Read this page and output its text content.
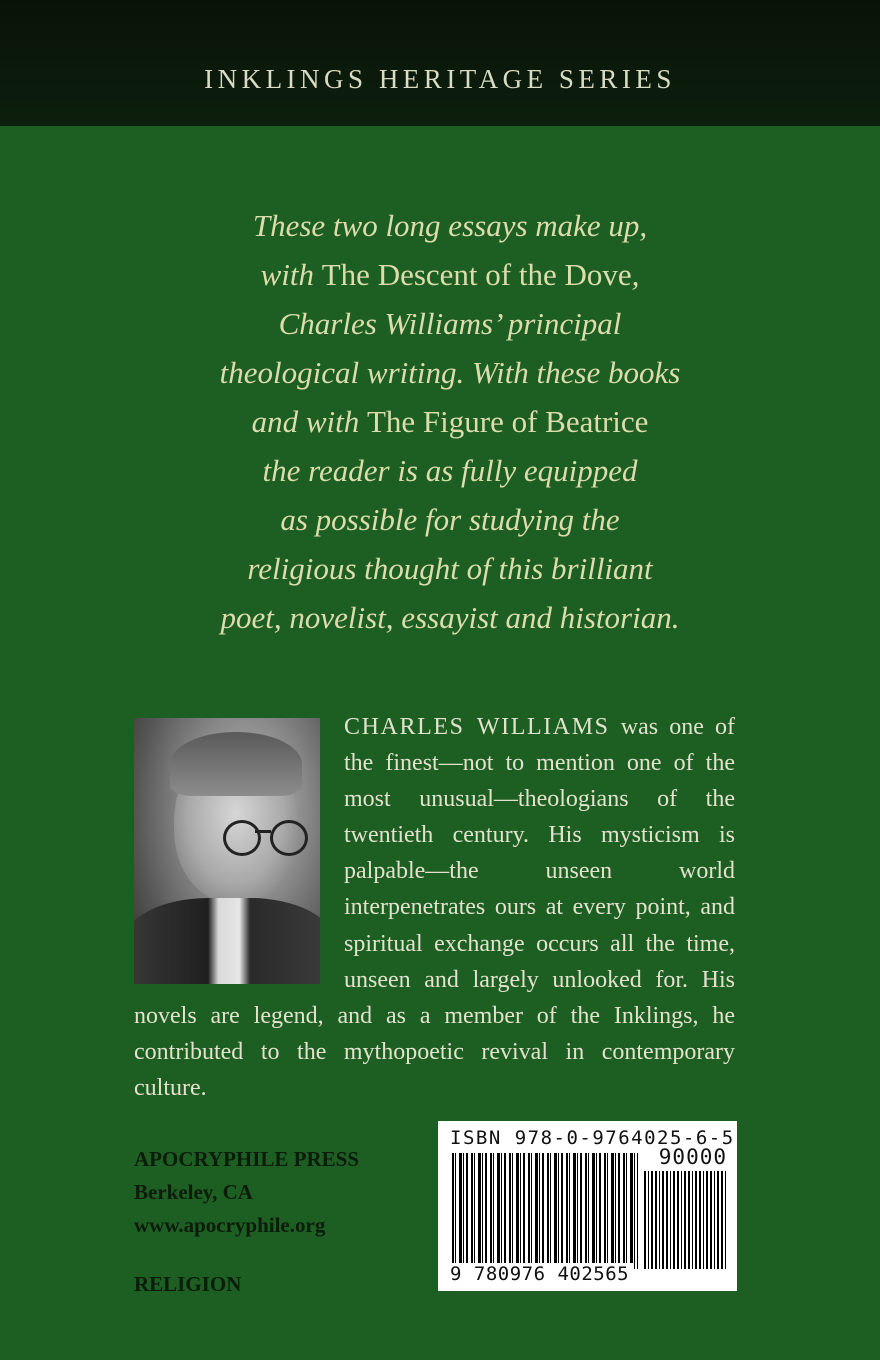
INKLINGS HERITAGE SERIES
These two long essays make up,
with The Descent of the Dove,
Charles Williams’ principal
theological writing. With these books
and with The Figure of Beatrice
the reader is as fully equipped
as possible for studying the
religious thought of this brilliant
poet, novelist, essayist and historian.
CHARLES WILLIAMS was one of the finest—not to mention one of the most unusual—theologians of the twentieth century. His mysticism is palpable—the unseen world interpenetrates ours at every point, and spiritual exchange occurs all the time, unseen and largely unlooked for. His novels are legend, and as a member of the Inklings, he contributed to the mythopoetic revival in contemporary culture.
APOCRYPHILE PRESS
Berkeley, CA
www.apocryphile.org
RELIGION
ISBN 978-0-9764025-6-5
90000
9 780976 402565
